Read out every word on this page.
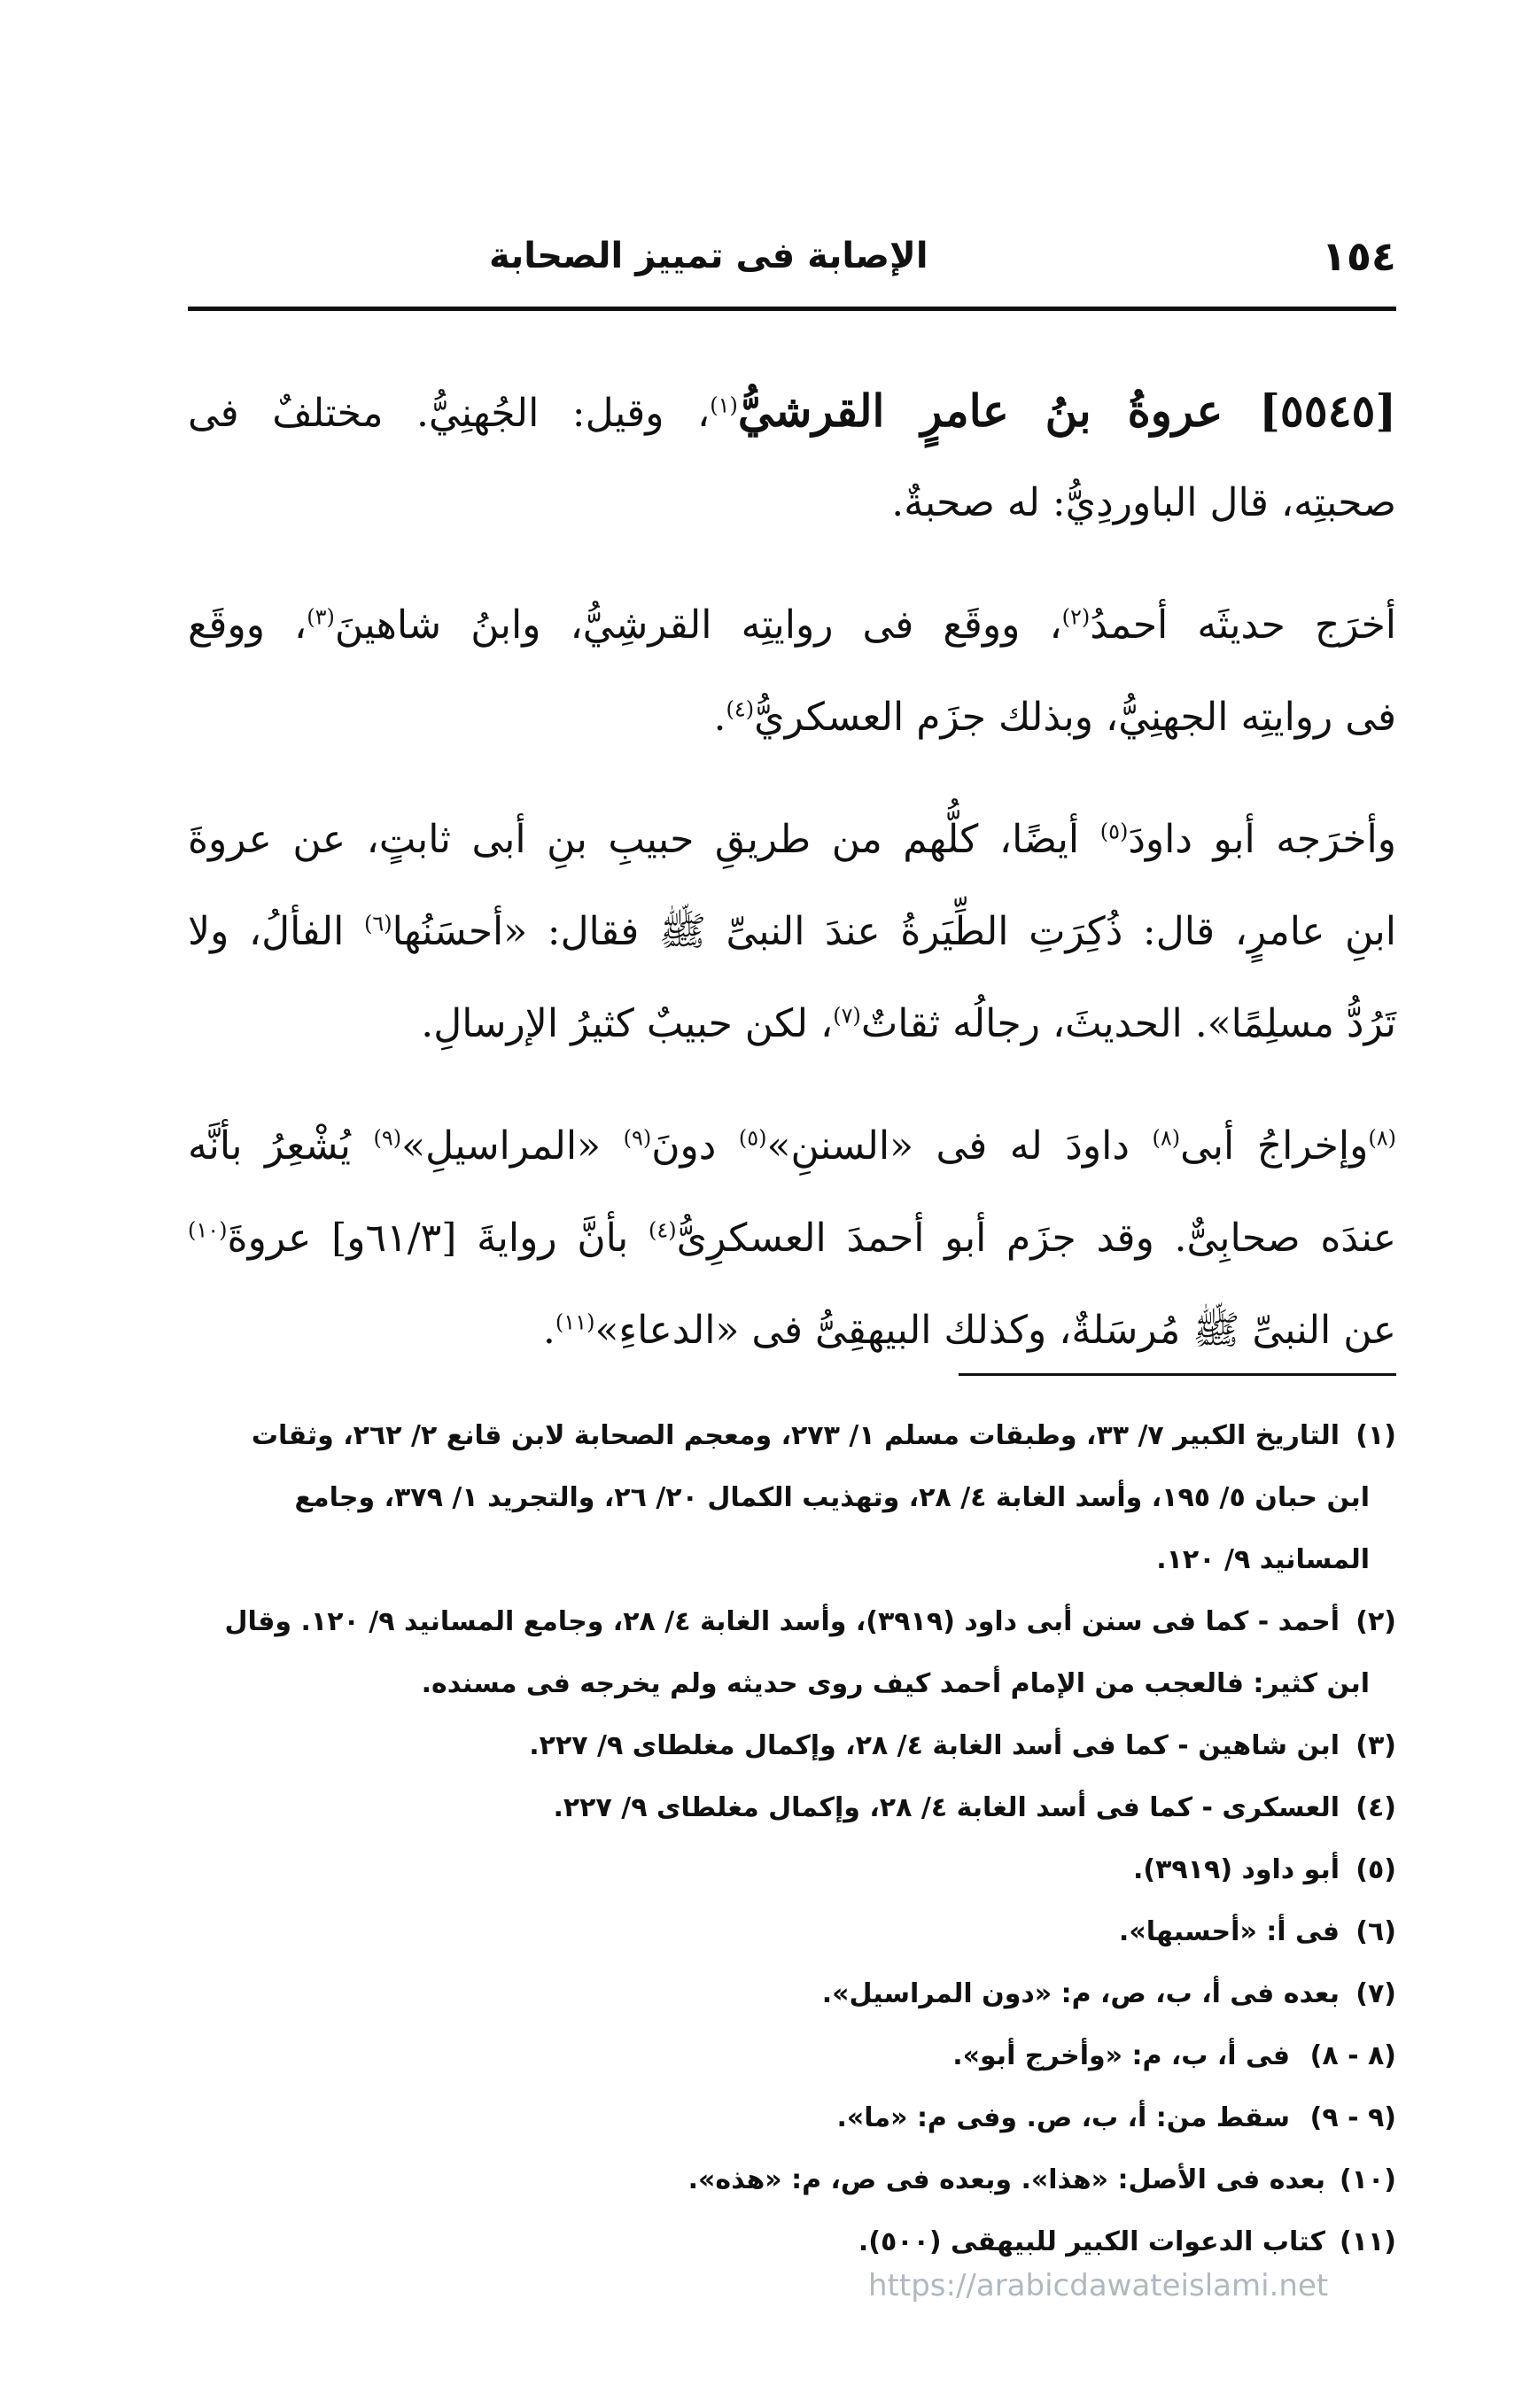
١٥٤
الإصابة فى تمييز الصحابة
[٥٥٤٥] عروةُ بنُ عامرٍ القرشيُّ$^{(١)}$، وقيل: الجُهنِيُّ. مختلفٌ فى
صحبتِه، قال الباوردِيُّ: له صحبةٌ.
أخرَج حديثَه أحمدُ$^{(٢)}$، ووقَع فى روايتِه القرشِيُّ، وابنُ شاهينَ$^{(٣)}$، ووقَع
فى روايتِه الجهنِيُّ، وبذلك جزَم العسكريُّ$^{(٤)}$.
وأخرَجه أبو داودَ$^{(٥)}$ أيضًا، كلُّهم من طريقِ حبيبِ بنِ أبى ثابتٍ، عن عروةَ
ابنِ عامرٍ، قال: ذُكِرَتِ الطِّيَرةُ عندَ النبىِّ ﷺ فقال: «أحسَنُها$^{(٦)}$ الفألُ، ولا
تَرُدُّ مسلِمًا». الحديثَ، رجالُه ثقاتٌ$^{(٧)}$، لكن حبيبٌ كثيرُ الإرسالِ.
$^{(٨)}$وإخراجُ أبى$^{(٨)}$ داودَ له فى «السننِ»$^{(٥)}$ دونَ$^{(٩)}$ «المراسيلِ»$^{(٩)}$ يُشْعِرُ بأنَّه
عندَه صحابِىٌّ. وقد جزَم أبو أحمدَ العسكرِىُّ$^{(٤)}$ بأنَّ روايةَ [٦١/٣و] عروةَ$^{(١٠)}$
عن النبىِّ ﷺ مُرسَلةٌ، وكذلك البيهقِىُّ فى «الدعاءِ»$^{(١١)}$.
(١)
التاريخ الكبير ٧/ ٣٣، وطبقات مسلم ١/ ٢٧٣، ومعجم الصحابة لابن قانع ٢/ ٢٦٢، وثقات
ابن حبان ٥/ ١٩٥، وأسد الغابة ٤/ ٢٨، وتهذيب الكمال ٢٠/ ٢٦، والتجريد ١/ ٣٧٩، وجامع
المسانيد ٩/ ١٢٠.
(٢)
أحمد - كما فى سنن أبى داود (٣٩١٩)، وأسد الغابة ٤/ ٢٨، وجامع المسانيد ٩/ ١٢٠. وقال
ابن كثير: فالعجب من الإمام أحمد كيف روى حديثه ولم يخرجه فى مسنده.
(٣)
ابن شاهين - كما فى أسد الغابة ٤/ ٢٨، وإكمال مغلطاى ٩/ ٢٢٧.
(٤)
العسكرى - كما فى أسد الغابة ٤/ ٢٨، وإكمال مغلطاى ٩/ ٢٢٧.
(٥)
أبو داود (٣٩١٩).
(٦)
فى أ: «أحسبها».
(٧)
بعده فى أ، ب، ص، م: «دون المراسيل».
(٨ - ٨)
فى أ، ب، م: «وأخرج أبو».
(٩ - ٩)
سقط من: أ، ب، ص. وفى م: «ما».
(١٠)
بعده فى الأصل: «هذا». وبعده فى ص، م: «هذه».
(١١)
كتاب الدعوات الكبير للبيهقى (٥٠٠).
https://arabicdawateislami.net
